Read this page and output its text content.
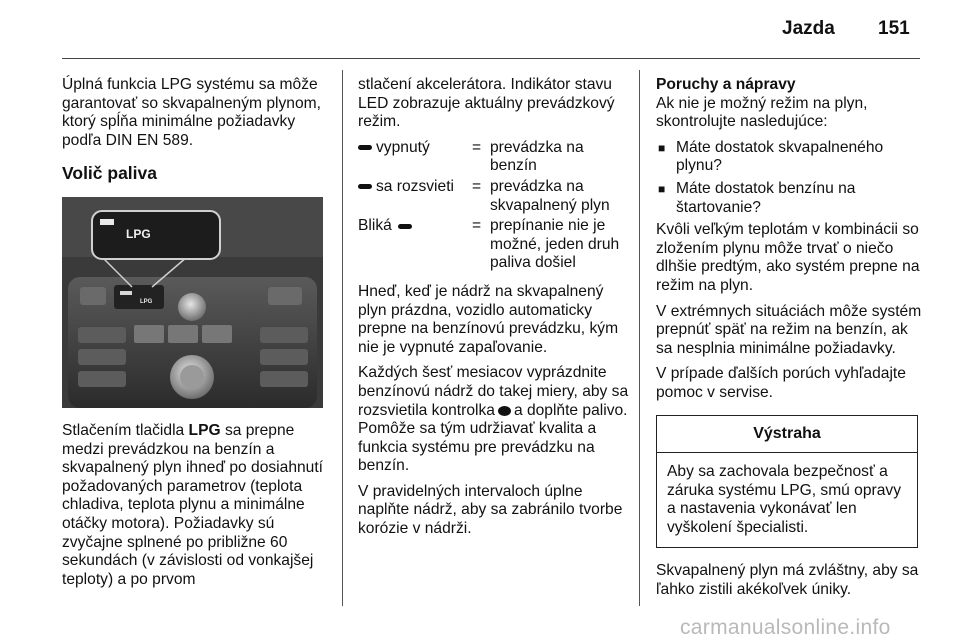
Jazda 151

Úplná funkcia LPG systému sa môže garantovať so skvapalneným plynom, ktorý spĺňa minimálne požiadavky podľa DIN EN 589.

Volič paliva

LPG
LPG

Stlačením tlačidla LPG sa prepne medzi prevádzkou na benzín a skvapalnený plyn ihneď po dosiahnutí požadovaných parametrov (teplota chladiva, teplota plynu a minimálne otáčky motora). Požiadavky sú zvyčajne splnené po približne 60 sekundách (v závislosti od vonkajšej teploty) a po prvom

stlačení akcelerátora. Indikátor stavu LED zobrazuje aktuálny prevádzkový režim.

vypnutý	= prevádzka na benzín
sa rozsvieti	= prevádzka na skvapalnený plyn
Bliká	= prepínanie nie je možné, jeden druh paliva došiel

Hneď, keď je nádrž na skvapalnený plyn prázdna, vozidlo automaticky prepne na benzínovú prevádzku, kým nie je vypnuté zapaľovanie.

Každých šesť mesiacov vyprázdnite benzínovú nádrž do takej miery, aby sa rozsvietila kontrolka a doplňte palivo. Pomôže sa tým udržiavať kvalita a funkcia systému pre prevádzku na benzín.

V pravidelných intervaloch úplne naplňte nádrž, aby sa zabránilo tvorbe korózie v nádrži.

Poruchy a nápravy

Ak nie je možný režim na plyn, skontrolujte nasledujúce:

■ Máte dostatok skvapalneného plynu?
■ Máte dostatok benzínu na štartovanie?

Kvôli veľkým teplotám v kombinácii so zložením plynu môže trvať o niečo dlhšie predtým, ako systém prepne na režim na plyn.

V extrémnych situáciách môže systém prepnúť späť na režim na benzín, ak sa nesplnia minimálne požiadavky.

V prípade ďalších porúch vyhľadajte pomoc v servise.

Výstraha
Aby sa zachovala bezpečnosť a záruka systému LPG, smú opravy a nastavenia vykonávať len vyškolení špecialisti.

Skvapalnený plyn má zvláštny, aby sa ľahko zistili akékoľvek úniky.

carmanualsonline.info
